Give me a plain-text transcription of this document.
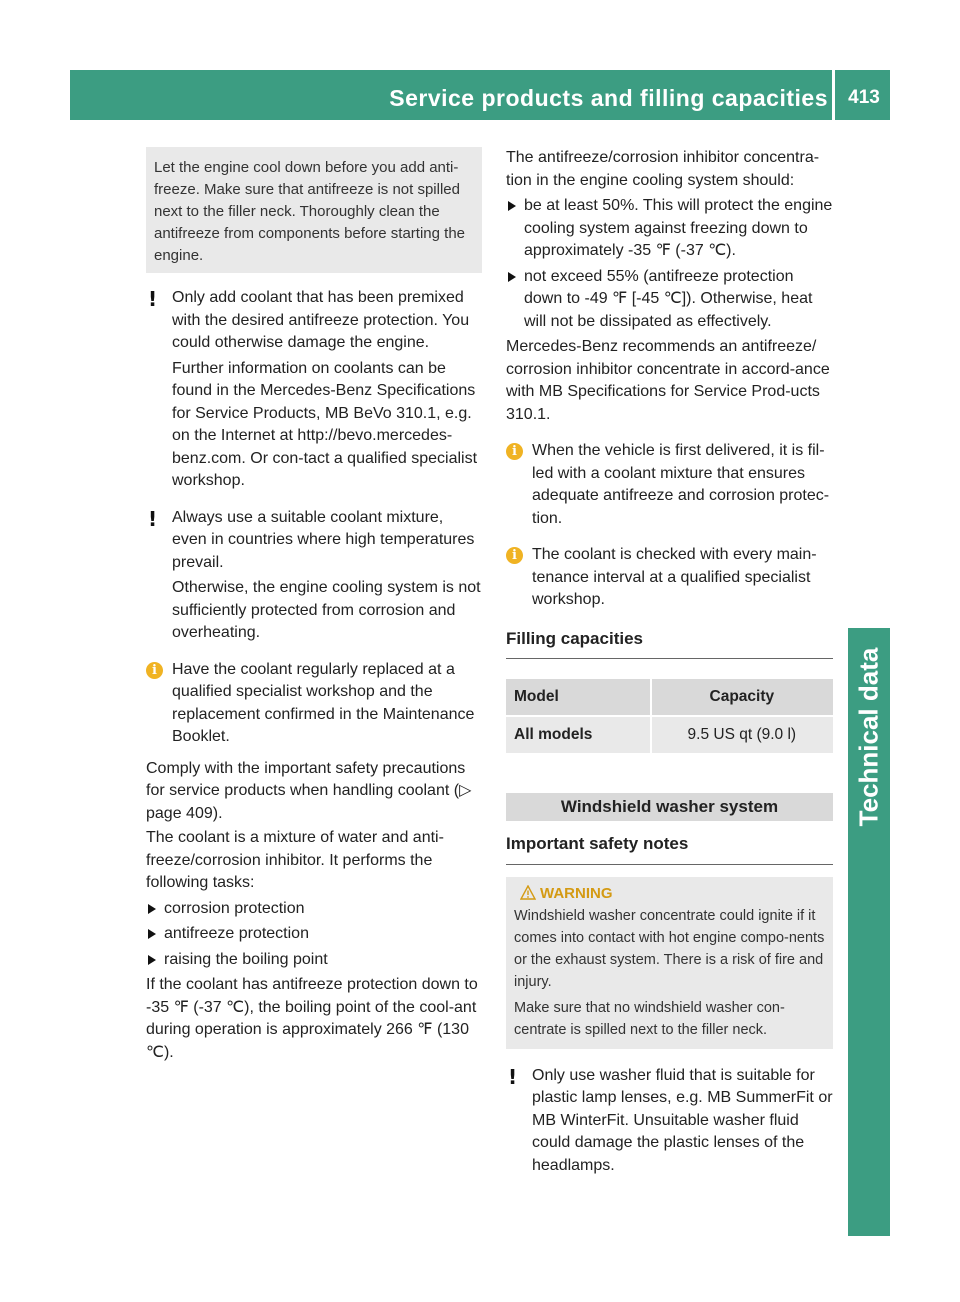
Service products and filling capacities	413
Technical data

Let the engine cool down before you add anti-freeze. Make sure that antifreeze is not spilled next to the filler neck. Thoroughly clean the antifreeze from components before starting the engine.

! Only add coolant that has been premixed with the desired antifreeze protection. You could otherwise damage the engine.

Further information on coolants can be found in the Mercedes-Benz Specifications for Service Products, MB BeVo 310.1, e.g. on the Internet at http://bevo.mercedes-benz.com. Or con-tact a qualified specialist workshop.

! Always use a suitable coolant mixture, even in countries where high temperatures prevail.

Otherwise, the engine cooling system is not sufficiently protected from corrosion and overheating.

i Have the coolant regularly replaced at a qualified specialist workshop and the replacement confirmed in the Maintenance Booklet.

Comply with the important safety precautions for service products when handling coolant (▷ page 409).

The coolant is a mixture of water and anti-freeze/corrosion inhibitor. It performs the following tasks:

corrosion protection
antifreeze protection
raising the boiling point

If the coolant has antifreeze protection down to -35 ℉ (-37 ℃), the boiling point of the cool-ant during operation is approximately 266 ℉ (130 ℃).

The antifreeze/corrosion inhibitor concentra-tion in the engine cooling system should:

be at least 50%. This will protect the engine cooling system against freezing down to approximately -35 ℉ (-37 ℃).
not exceed 55% (antifreeze protection down to -49 ℉ [-45 ℃]). Otherwise, heat will not be dissipated as effectively.

Mercedes-Benz recommends an antifreeze/ corrosion inhibitor concentrate in accord-ance with MB Specifications for Service Prod-ucts 310.1.

i When the vehicle is first delivered, it is fil-led with a coolant mixture that ensures adequate antifreeze and corrosion protec-tion.

i The coolant is checked with every main-tenance interval at a qualified specialist workshop.

Filling capacities
Model	Capacity
All models	9.5 US qt (9.0 l)
Windshield washer system
Important safety notes
WARNING

Windshield washer concentrate could ignite if it comes into contact with hot engine compo-nents or the exhaust system. There is a risk of fire and injury.

Make sure that no windshield washer con-centrate is spilled next to the filler neck.

! Only use washer fluid that is suitable for plastic lamp lenses, e.g. MB SummerFit or MB WinterFit. Unsuitable washer fluid could damage the plastic lenses of the headlamps.
